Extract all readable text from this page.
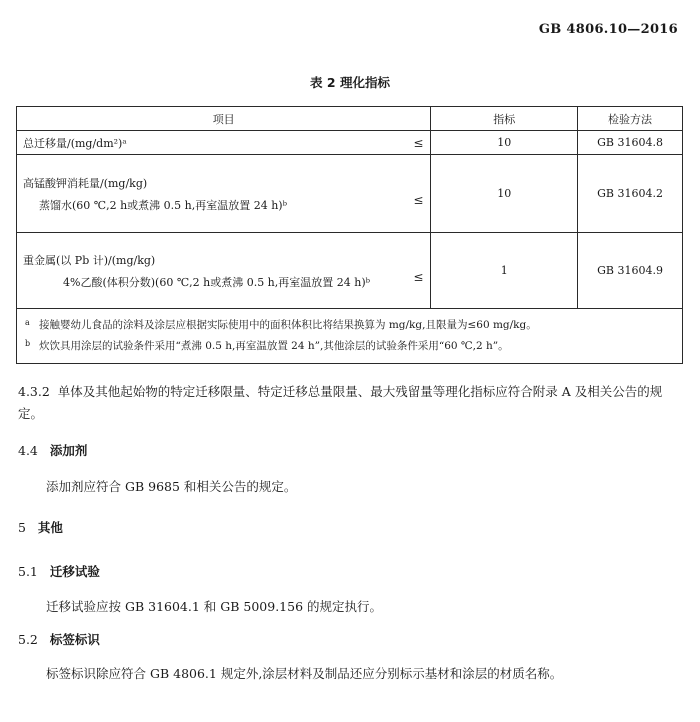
GB 4806.10—2016
表 2 理化指标
项目	指标	检验方法

总迁移量/(mg/dm²)ᵃ ≤	10	GB 31604.8

高锰酸钾消耗量/(mg/kg)
蒸馏水(60 ℃,2 h或煮沸 0.5 h,再室温放置 24 h)ᵇ ≤	10	GB 31604.2

重金属(以 Pb 计)/(mg/kg)
4%乙酸(体积分数)(60 ℃,2 h或煮沸 0.5 h,再室温放置 24 h)ᵇ ≤	1	GB 31604.9

a 接触婴幼儿食品的涂料及涂层应根据实际使用中的面积体积比将结果换算为 mg/kg,且限量为≤60 mg/kg。
b 炊饮具用涂层的试验条件采用“煮沸 0.5 h,再室温放置 24 h”,其他涂层的试验条件采用“60 ℃,2 h”。		
4.3.2 单体及其他起始物的特定迁移限量、特定迁移总量限量、最大残留量等理化指标应符合附录 A 及相关公告的规定。
4.4 添加剂
添加剂应符合 GB 9685 和相关公告的规定。
5 其他
5.1 迁移试验
迁移试验应按 GB 31604.1 和 GB 5009.156 的规定执行。
5.2 标签标识
标签标识除应符合 GB 4806.1 规定外,涂层材料及制品还应分别标示基材和涂层的材质名称。
